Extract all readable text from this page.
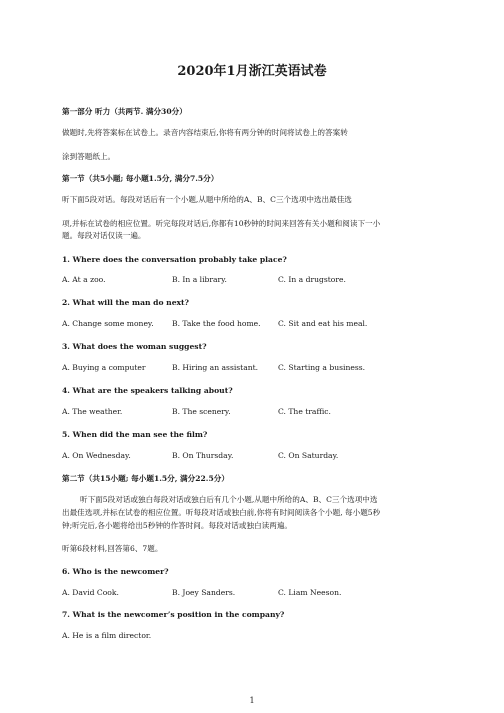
2020年1月浙江英语试卷
第一部分 听力（共两节. 满分30分）
做题时,先将答案标在试卷上。录音内容结束后,你将有两分钟的时间将试卷上的答案转
涂到答题纸上。
第一节（共5小题; 每小题1.5分, 满分7.5分）
听下面5段对话。每段对话后有一个小题,从题中所给的A、B、C三个选项中选出最佳选
项,并标在试卷的相应位置。听完每段对话后,你都有10秒钟的时间来回答有关小题和阅读下一小
题。每段对话仅读一遍。
1. Where does the conversation probably take place?
A. At a zoo.	B. In a library.	C. In a drugstore.
2. What will the man do next?
A. Change some money. B. Take the food home. C. Sit and eat his meal.
3. What does the woman suggest?
A. Buying a computer	B. Hiring an assistant.	C. Starting a business.
4. What are the speakers talking about?
A. The weather.	B. The scenery.	C. The traffic.
5. When did the man see the film?
A. On Wednesday.	B. On Thursday.	C. On Saturday.
第二节（共15小题; 每小题1.5分, 满分22.5分）
听下面5段对话或独白每段对话或独白后有几个小题,从题中所给的A、B、C三个选项中选
出最佳选项,并标在试卷的相应位置。听每段对话或独白前,你将有时间阅读各个小题, 每小题5秒
钟;听完后,各小题将给出5秒钟的作答时间。每段对话或独白读两遍。
听第6段材料,回答第6、7题。
6. Who is the newcomer?
A. David Cook.	B. Joey Sanders.	C. Liam Neeson.
7. What is the newcomer’s position in the company?
A. He is a film director.
1
